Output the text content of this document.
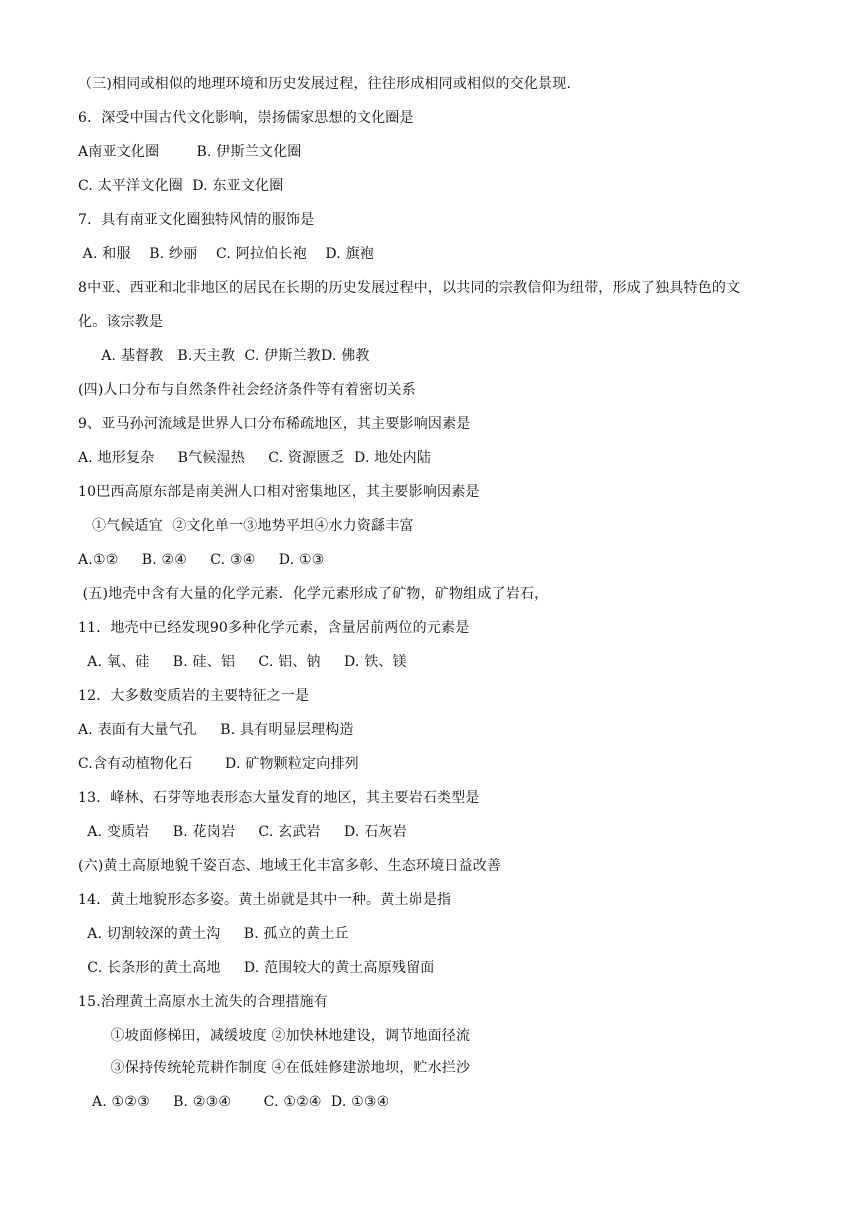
（三)相同或相似的地理环境和历史发展过程，往往形成相同或相似的交化景现.
6．深受中国古代文化影响，崇扬儒家思想的文化圈是
A南亚文化圈        B. 伊斯兰文化圈
C. 太平洋文化圈  D. 东亚文化圈
7．具有南亚文化圈独特风情的服饰是
A. 和服    B. 纱丽    C. 阿拉伯长袍    D. 旗袍
8中亚、西亚和北非地区的居民在长期的历史发展过程中，以共同的宗教信仰为纽带，形成了独具特色的文
化。该宗教是
A. 基督教   B.天主教  C. 伊斯兰教D. 佛教
(四)人口分布与自然条件社会经济条件等有着密切关系
9、亚马孙河流域是世界人口分布稀疏地区，其主要影响因素是
A. 地形复杂     B气候湿热     C. 资源匮乏  D. 地处内陆
10巴西高原东部是南美洲人口相对密集地区，其主要影响因素是
①气候适宜  ②文化单一③地势平坦④水力资繇丰富
A.①②     B. ②④     C. ③④     D. ①③
(五)地壳中含有大量的化学元素．化学元素形成了矿物，矿物组成了岩石，
11．地壳中已经发现90多种化学元素，含量居前两位的元素是
A. 氧、硅     B. 硅、铝     C. 铝、钠     D. 铁、镁
12．大多数变质岩的主要特征之一是
A. 表面有大量气孔     B. 具有明显层理构造
C.含有动植物化石       D. 矿物颗粒定向排列
13．峰林、石芽等地表形态大量发育的地区，其主要岩石类型是
A. 变质岩     B. 花岗岩     C. 玄武岩     D. 石灰岩
(六)黄土高原地貌千姿百态、地域王化丰富多彰、生态环境日益改善
14．黄土地貌形态多姿。黄土峁就是其中一种。黄土峁是指
A. 切割较深的黄土沟     B. 孤立的黄土丘
C. 长条形的黄土高地     D. 范围较大的黄土高原残留面
15.治理黄土高原水土流失的合理措施有
①坡面修梯田，减缓坡度 ②加快林地建设，调节地面径流
③保持传统轮荒耕作制度 ④在低娃修建淤地坝，贮水拦沙
A. ①②③     B. ②③④       C. ①②④  D. ①③④
